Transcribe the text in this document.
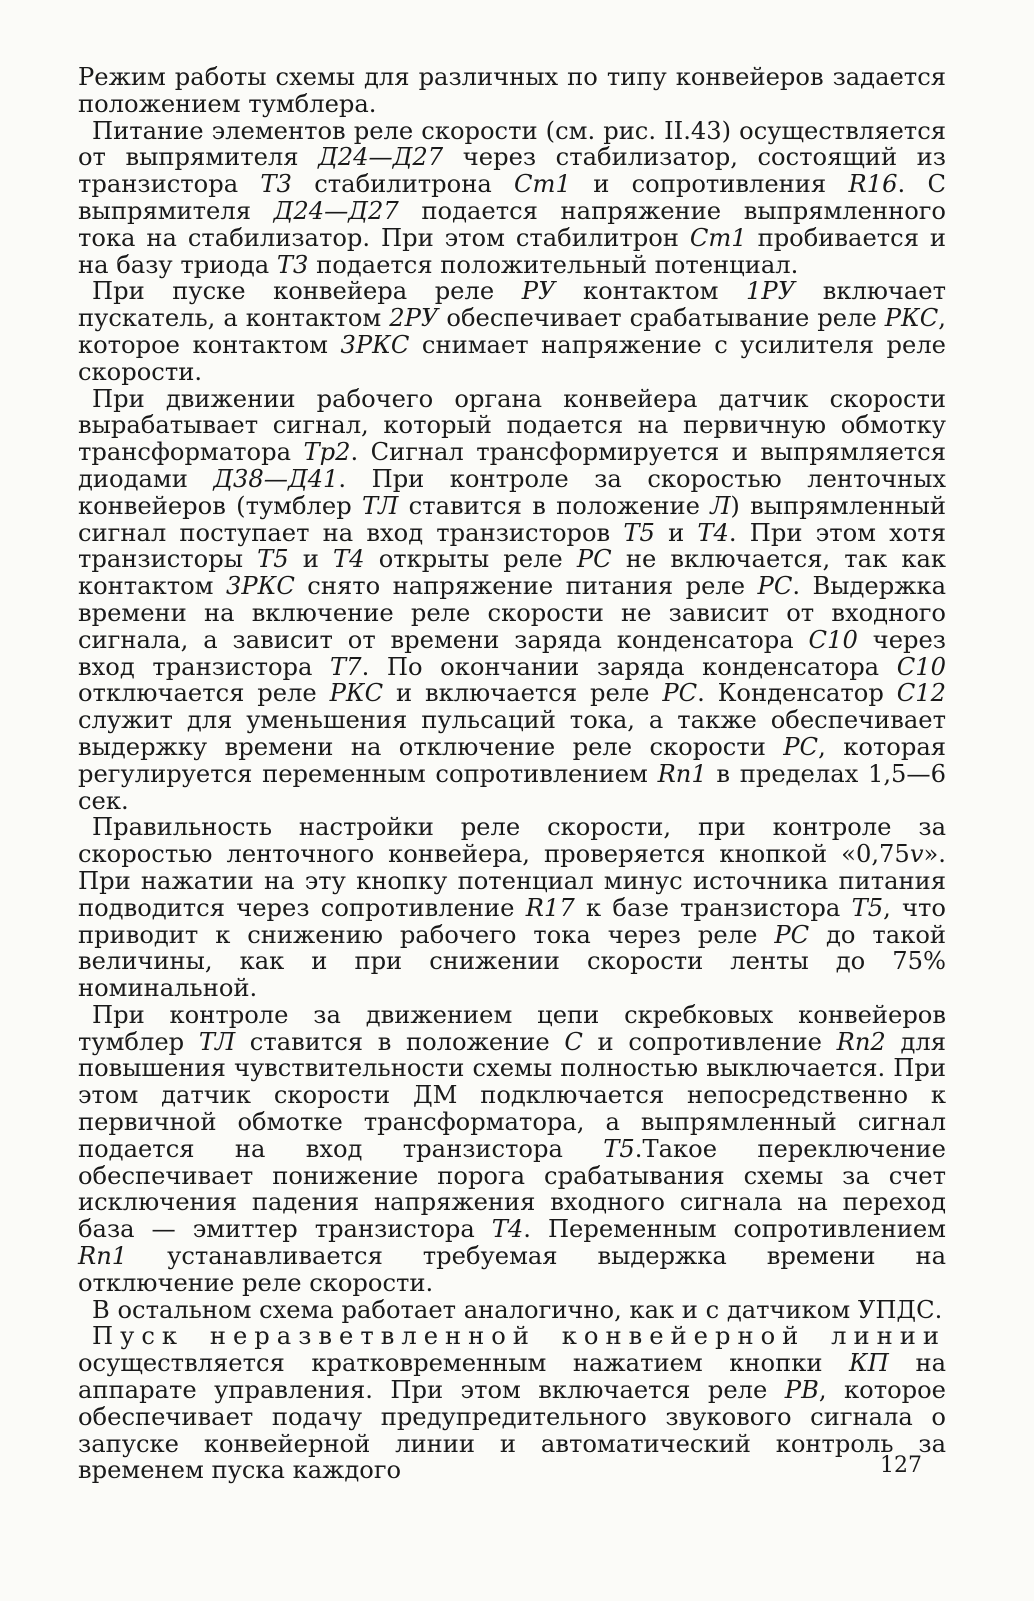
Режим работы схемы для различных по типу конвейеров задается положением тумблера.

Питание элементов реле скорости (см. рис. II.43) осуществляется от выпрямителя Д24—Д27 через стабилизатор, состоящий из транзистора Т3 стабилитрона Ст1 и сопротивления R16. С выпрямителя Д24—Д27 подается напряжение выпрямленного тока на стабилизатор. При этом стабилитрон Ст1 пробивается и на базу триода Т3 подается положительный потенциал.

При пуске конвейера реле РУ контактом 1РУ включает пускатель, а контактом 2РУ обеспечивает срабатывание реле РКС, которое контактом 3РКС снимает напряжение с усилителя реле скорости.

При движении рабочего органа конвейера датчик скорости вырабатывает сигнал, который подается на первичную обмотку трансформатора Тр2. Сигнал трансформируется и выпрямляется диодами Д38—Д41. При контроле за скоростью ленточных конвейеров (тумблер ТЛ ставится в положение Л) выпрямленный сигнал поступает на вход транзисторов Т5 и Т4. При этом хотя транзисторы Т5 и Т4 открыты реле РС не включается, так как контактом 3РКС снято напряжение питания реле РС. Выдержка времени на включение реле скорости не зависит от входного сигнала, а зависит от времени заряда конденсатора С10 через вход транзистора Т7. По окончании заряда конденсатора С10 отключается реле РКС и включается реле РС. Конденсатор С12 служит для уменьшения пульсаций тока, а также обеспечивает выдержку времени на отключение реле скорости РС, которая регулируется переменным сопротивлением Rп1 в пределах 1,5—6 сек.

Правильность настройки реле скорости, при контроле за скоростью ленточного конвейера, проверяется кнопкой «0,75v». При нажатии на эту кнопку потенциал минус источника питания подводится через сопротивление R17 к базе транзистора Т5, что приводит к снижению рабочего тока через реле РС до такой величины, как и при снижении скорости ленты до 75% номинальной.

При контроле за движением цепи скребковых конвейеров тумблер ТЛ ставится в положение С и сопротивление Rп2 для повышения чувствительности схемы полностью выключается. При этом датчик скорости ДМ подключается непосредственно к первичной обмотке трансформатора, а выпрямленный сигнал подается на вход транзистора Т5.Такое переключение обеспечивает понижение порога срабатывания схемы за счет исключения падения напряжения входного сигнала на переход база — эмиттер транзистора Т4. Переменным сопротивлением Rп1 устанавливается требуемая выдержка времени на отключение реле скорости.

В остальном схема работает аналогично, как и с датчиком УПДС.

Пуск неразветвленной конвейерной линии осуществляется кратковременным нажатием кнопки КП на аппарате управления. При этом включается реле РВ, которое обеспечивает подачу предупредительного звукового сигнала о запуске конвейерной линии и автоматический контроль за временем пуска каждого	127
